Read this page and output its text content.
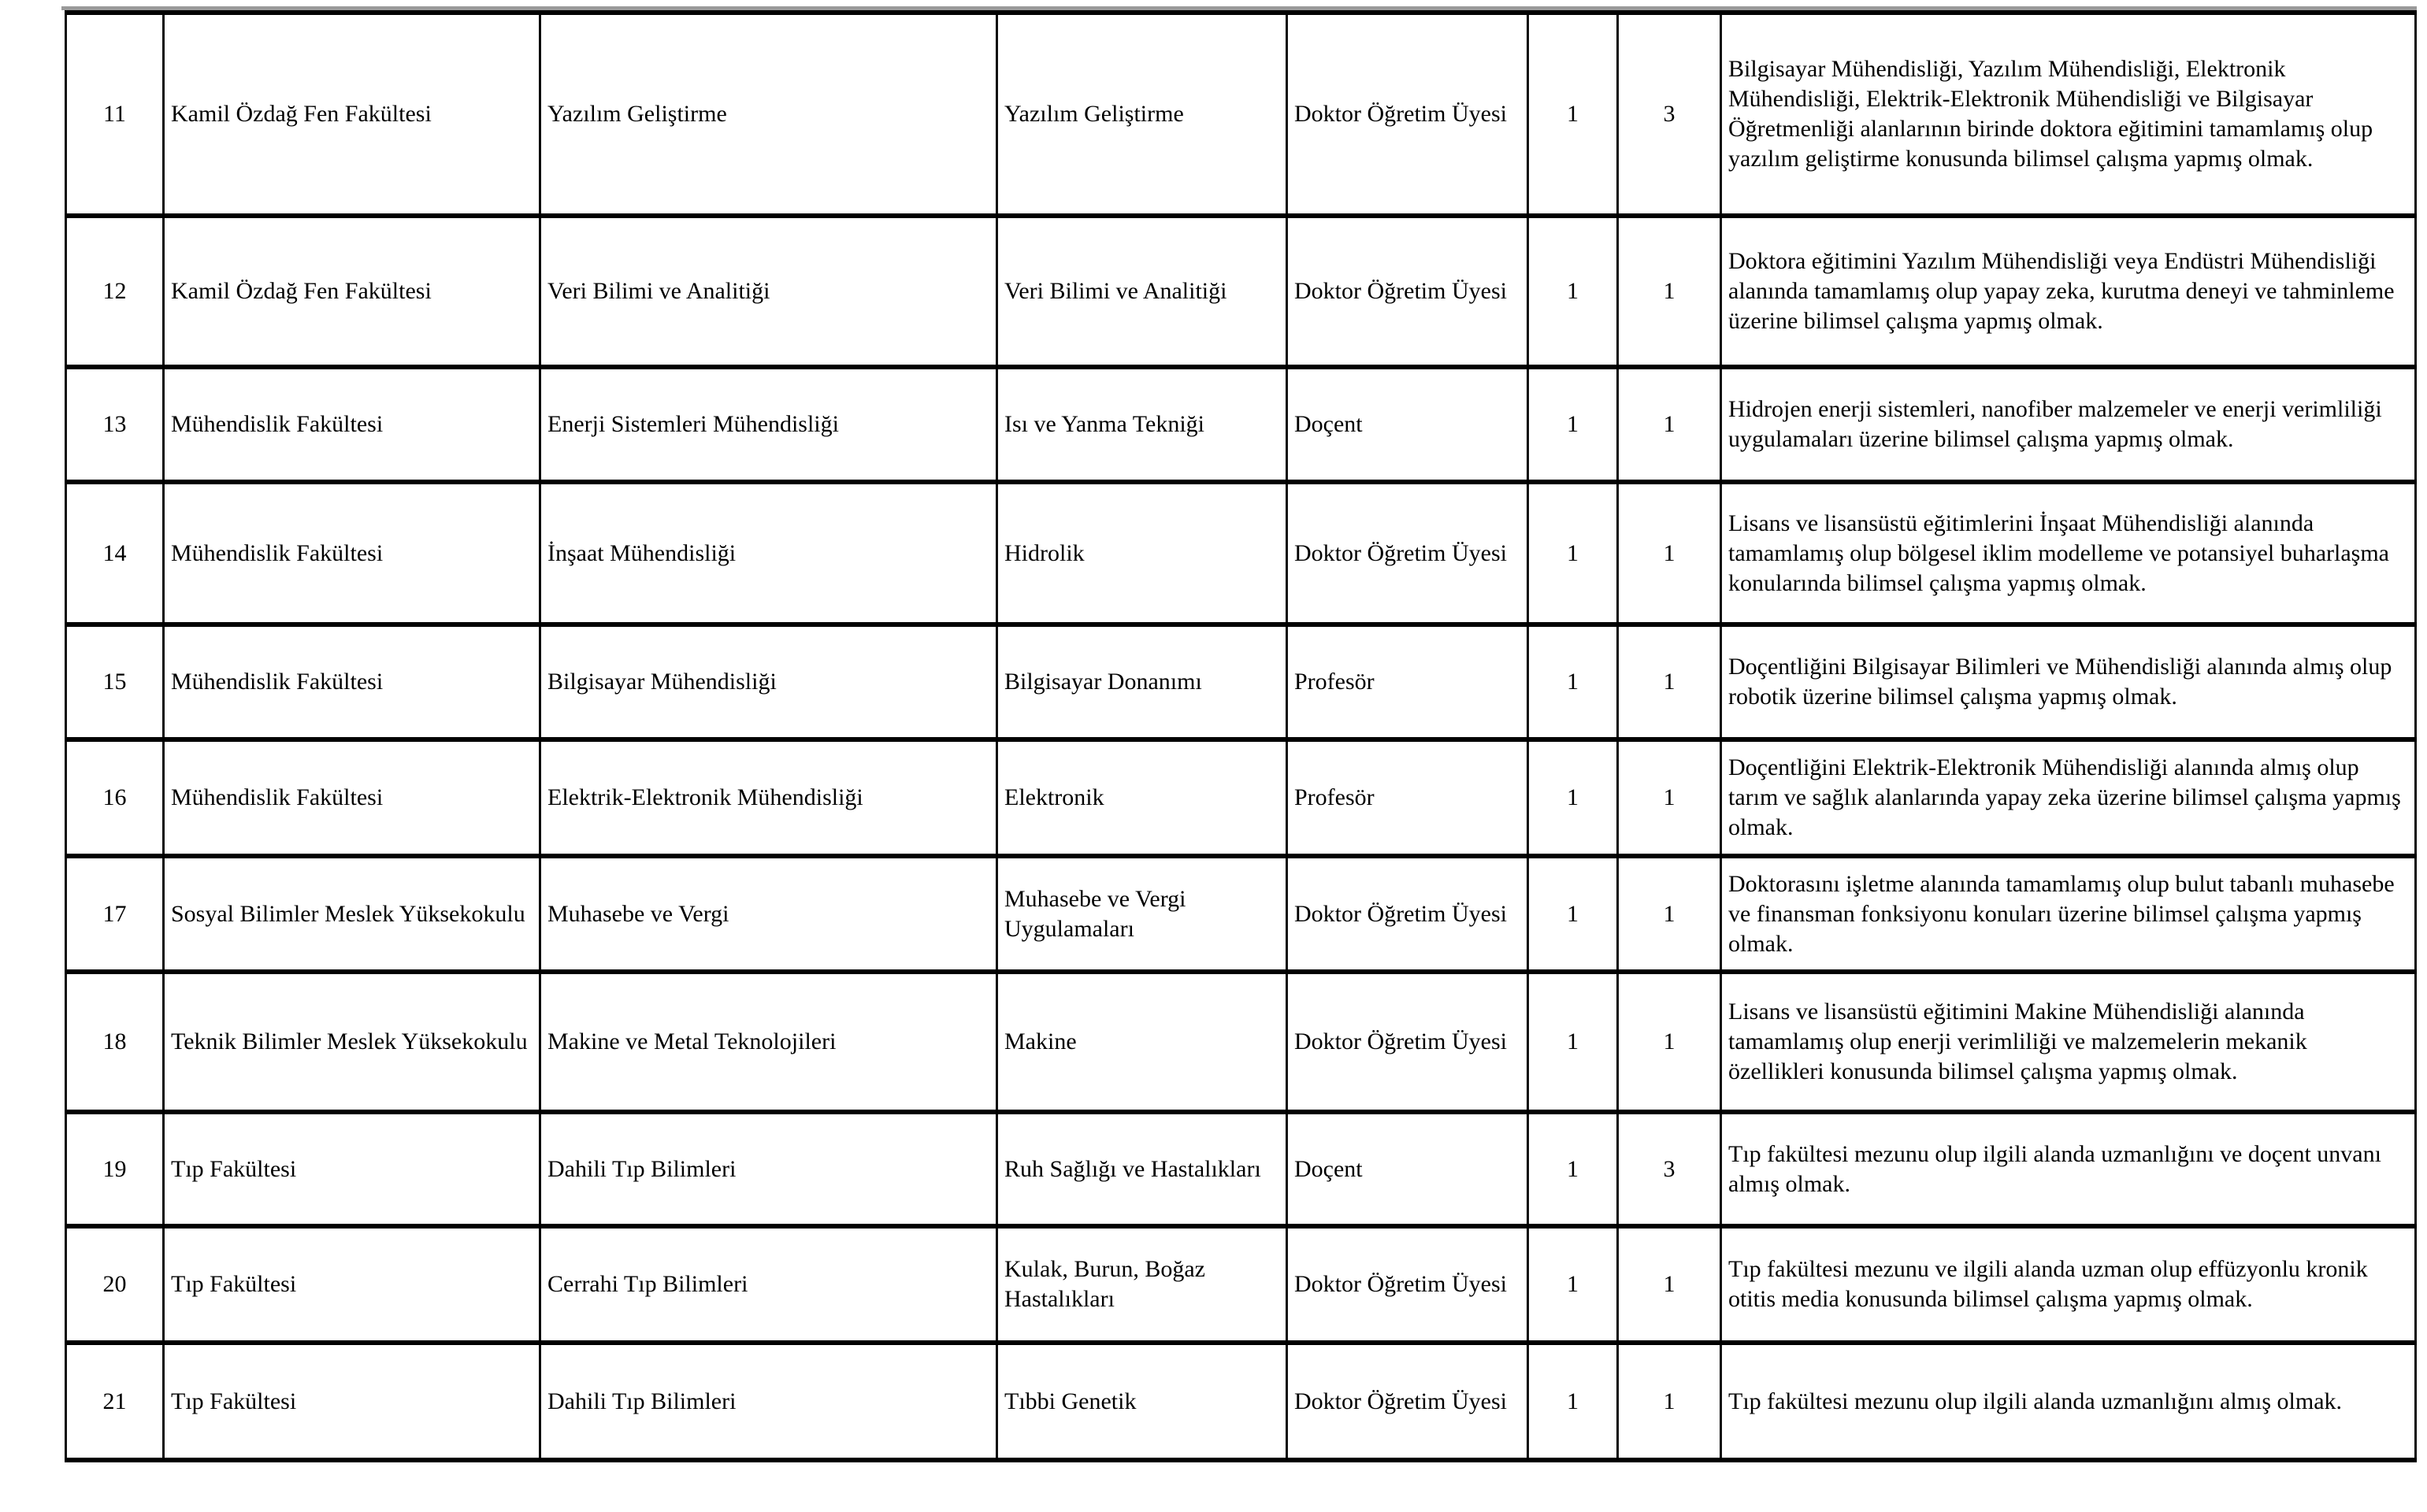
11	Kamil Özdağ Fen Fakültesi	Yazılım Geliştirme	Yazılım Geliştirme	Doktor Öğretim Üyesi	1	3	Bilgisayar Mühendisliği, Yazılım Mühendisliği, Elektronik Mühendisliği, Elektrik-Elektronik Mühendisliği ve Bilgisayar Öğretmenliği alanlarının birinde doktora eğitimini tamamlamış olup yazılım geliştirme konusunda bilimsel çalışma yapmış olmak.
12	Kamil Özdağ Fen Fakültesi	Veri Bilimi ve Analitiği	Veri Bilimi ve Analitiği	Doktor Öğretim Üyesi	1	1	Doktora eğitimini Yazılım Mühendisliği veya Endüstri Mühendisliği alanında tamamlamış olup yapay zeka, kurutma deneyi ve tahminleme üzerine bilimsel çalışma yapmış olmak.
13	Mühendislik Fakültesi	Enerji Sistemleri Mühendisliği	Isı ve Yanma Tekniği	Doçent	1	1	Hidrojen enerji sistemleri, nanofiber malzemeler ve enerji verimliliği uygulamaları üzerine bilimsel çalışma yapmış olmak.
14	Mühendislik Fakültesi	İnşaat Mühendisliği	Hidrolik	Doktor Öğretim Üyesi	1	1	Lisans ve lisansüstü eğitimlerini İnşaat Mühendisliği alanında tamamlamış olup bölgesel iklim modelleme ve potansiyel buharlaşma konularında bilimsel çalışma yapmış olmak.
15	Mühendislik Fakültesi	Bilgisayar Mühendisliği	Bilgisayar Donanımı	Profesör	1	1	Doçentliğini Bilgisayar Bilimleri ve Mühendisliği alanında almış olup robotik üzerine bilimsel çalışma yapmış olmak.
16	Mühendislik Fakültesi	Elektrik-Elektronik Mühendisliği	Elektronik	Profesör	1	1	Doçentliğini Elektrik-Elektronik Mühendisliği alanında almış olup tarım ve sağlık alanlarında yapay zeka üzerine bilimsel çalışma yapmış olmak.
17	Sosyal Bilimler Meslek Yüksekokulu	Muhasebe ve Vergi	Muhasebe ve Vergi Uygulamaları	Doktor Öğretim Üyesi	1	1	Doktorasını işletme alanında tamamlamış olup bulut tabanlı muhasebe ve finansman fonksiyonu konuları üzerine bilimsel çalışma yapmış olmak.
18	Teknik Bilimler Meslek Yüksekokulu	Makine ve Metal Teknolojileri	Makine	Doktor Öğretim Üyesi	1	1	Lisans ve lisansüstü eğitimini Makine Mühendisliği alanında tamamlamış olup enerji verimliliği ve malzemelerin mekanik özellikleri konusunda bilimsel çalışma yapmış olmak.
19	Tıp Fakültesi	Dahili Tıp Bilimleri	Ruh Sağlığı ve Hastalıkları	Doçent	1	3	Tıp fakültesi mezunu olup ilgili alanda uzmanlığını ve doçent unvanı almış olmak.
20	Tıp Fakültesi	Cerrahi Tıp Bilimleri	Kulak, Burun, Boğaz Hastalıkları	Doktor Öğretim Üyesi	1	1	Tıp fakültesi mezunu ve ilgili alanda uzman olup effüzyonlu kronik otitis media konusunda bilimsel çalışma yapmış olmak.
21	Tıp Fakültesi	Dahili Tıp Bilimleri	Tıbbi Genetik	Doktor Öğretim Üyesi	1	1	Tıp fakültesi mezunu olup ilgili alanda uzmanlığını almış olmak.
